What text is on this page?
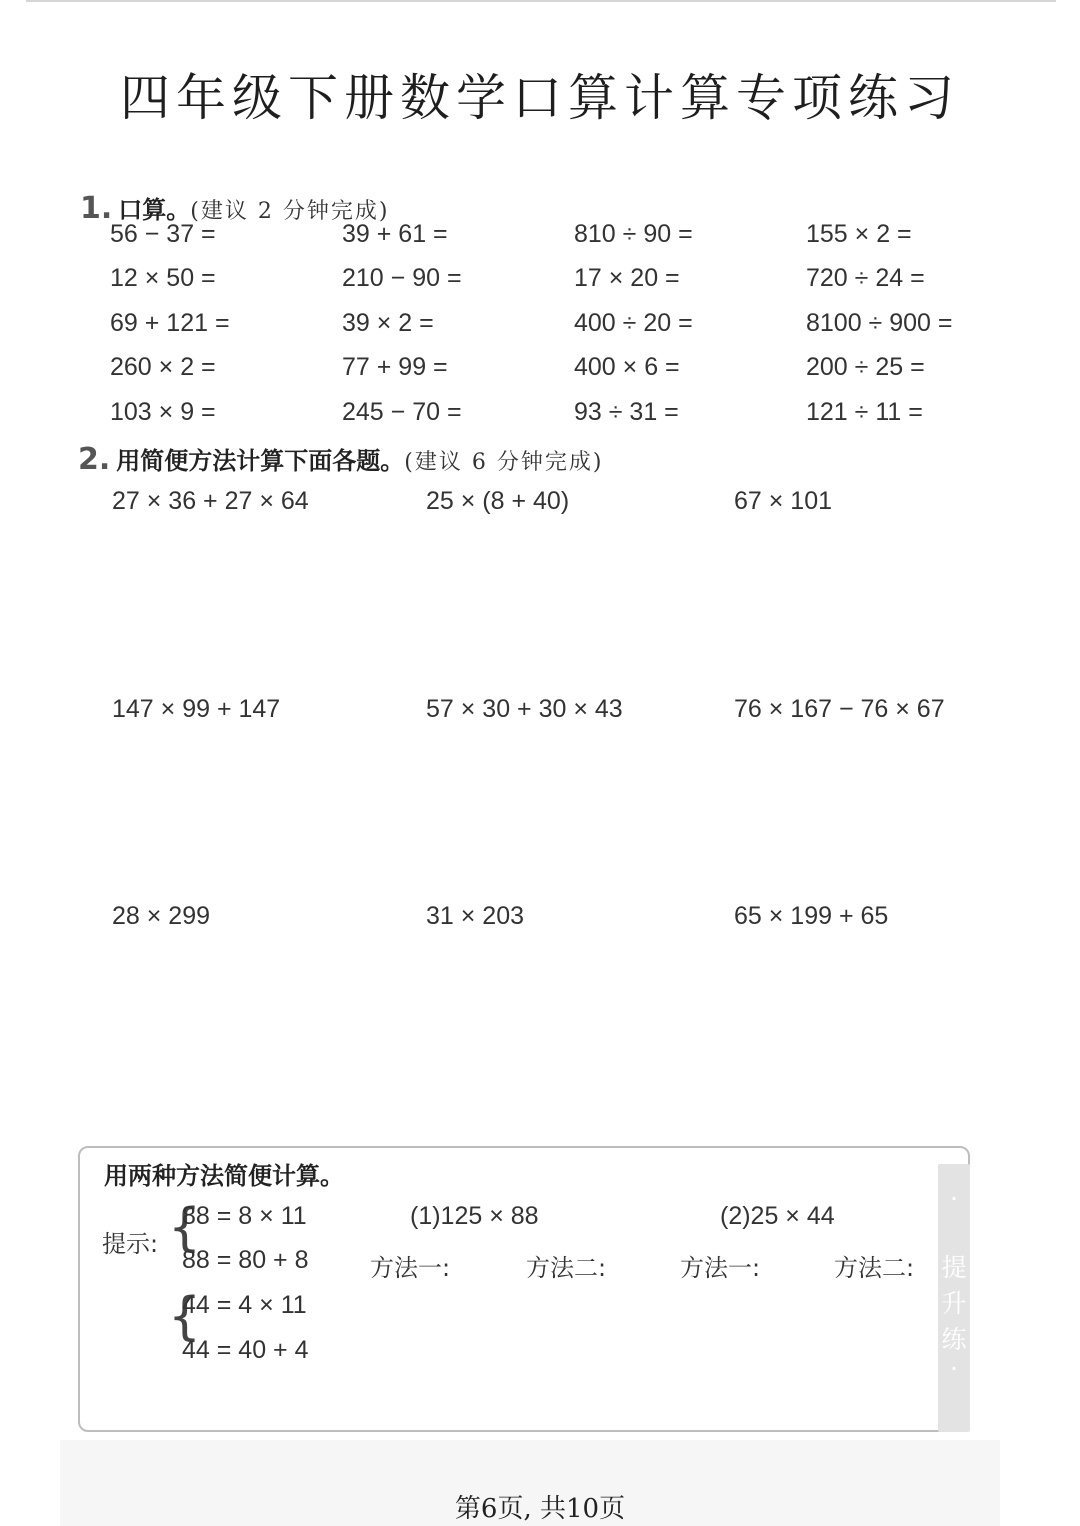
四年级下册数学口算计算专项练习
1. 口算。 (建议 2 分钟完成)
56 − 37 =	39 + 61 =	810 ÷ 90 =	155 × 2 =
12 × 50 =	210 − 90 =	17 × 20 =	720 ÷ 24 =
69 + 121 =	39 × 2 =	400 ÷ 20 =	8100 ÷ 900 =
260 × 2 =	77 + 99 =	400 × 6 =	200 ÷ 25 =
103 × 9 =	245 − 70 =	93 ÷ 31 =	121 ÷ 11 =
2. 用简便方法计算下面各题。 (建议 6 分钟完成)
27 × 36 + 27 × 64	25 × (8 + 40)	67 × 101
147 × 99 + 147	57 × 30 + 30 × 43	76 × 167 − 76 × 67
28 × 299	31 × 203	65 × 199 + 65
·
提
升
练
·
用两种方法简便计算。
提示: {
{
88 = 8 × 11
88 = 80 + 8
44 = 4 × 11
44 = 40 + 4
(1)125 × 88	(2)25 × 44
方法一:	方法二:	方法一:	方法二:
第6页, 共10页
